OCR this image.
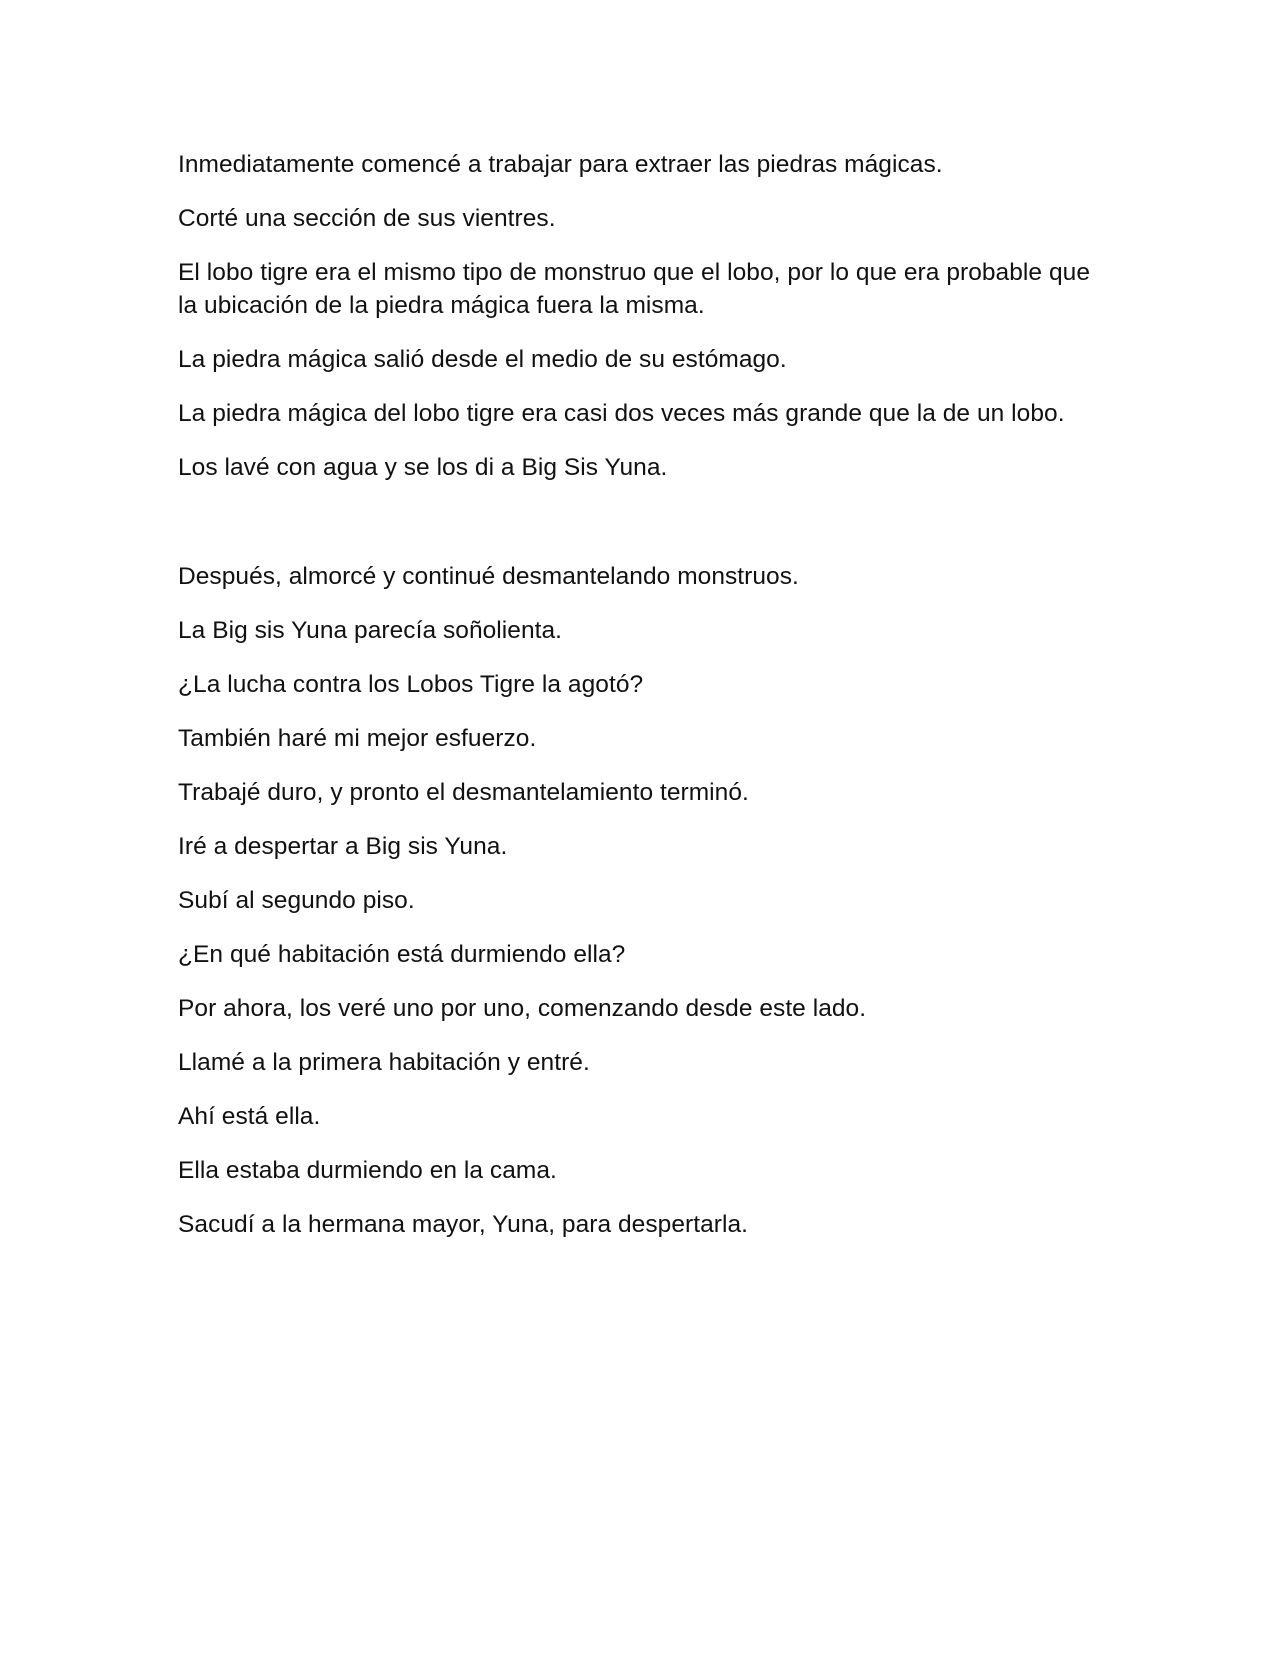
Inmediatamente comencé a trabajar para extraer las piedras mágicas.

Corté una sección de sus vientres.

El lobo tigre era el mismo tipo de monstruo que el lobo, por lo que era probable que la ubicación de la piedra mágica fuera la misma.

La piedra mágica salió desde el medio de su estómago.

La piedra mágica del lobo tigre era casi dos veces más grande que la de un lobo.

Los lavé con agua y se los di a Big Sis Yuna.

Después, almorcé y continué desmantelando monstruos.

La Big sis Yuna parecía soñolienta.

¿La lucha contra los Lobos Tigre la agotó?

También haré mi mejor esfuerzo.

Trabajé duro, y pronto el desmantelamiento terminó.

Iré a despertar a Big sis Yuna.

Subí al segundo piso.

¿En qué habitación está durmiendo ella?

Por ahora, los veré uno por uno, comenzando desde este lado.

Llamé a la primera habitación y entré.

Ahí está ella.

Ella estaba durmiendo en la cama.

Sacudí a la hermana mayor, Yuna, para despertarla.
